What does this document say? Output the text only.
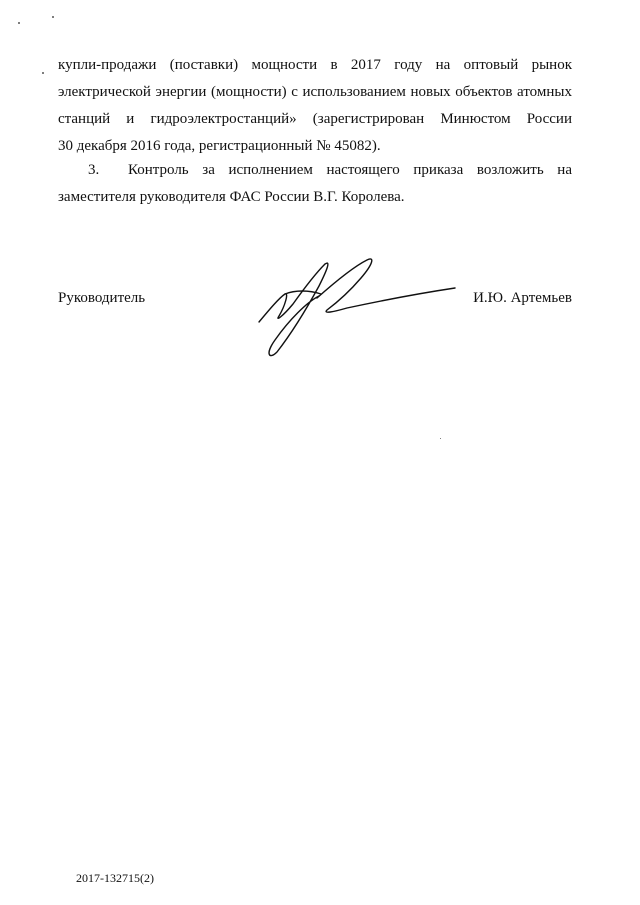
купли-продажи (поставки) мощности в 2017 году на оптовый рынок
электрической энергии (мощности) с использованием новых объектов атомных
станций и гидроэлектростанций» (зарегистрирован Минюстом России
30 декабря 2016 года, регистрационный № 45082).
3. Контроль за исполнением настоящего приказа возложить на
заместителя руководителя ФАС России В.Г. Королева.
Руководитель	И.Ю. Артемьев
2017-132715(2)
